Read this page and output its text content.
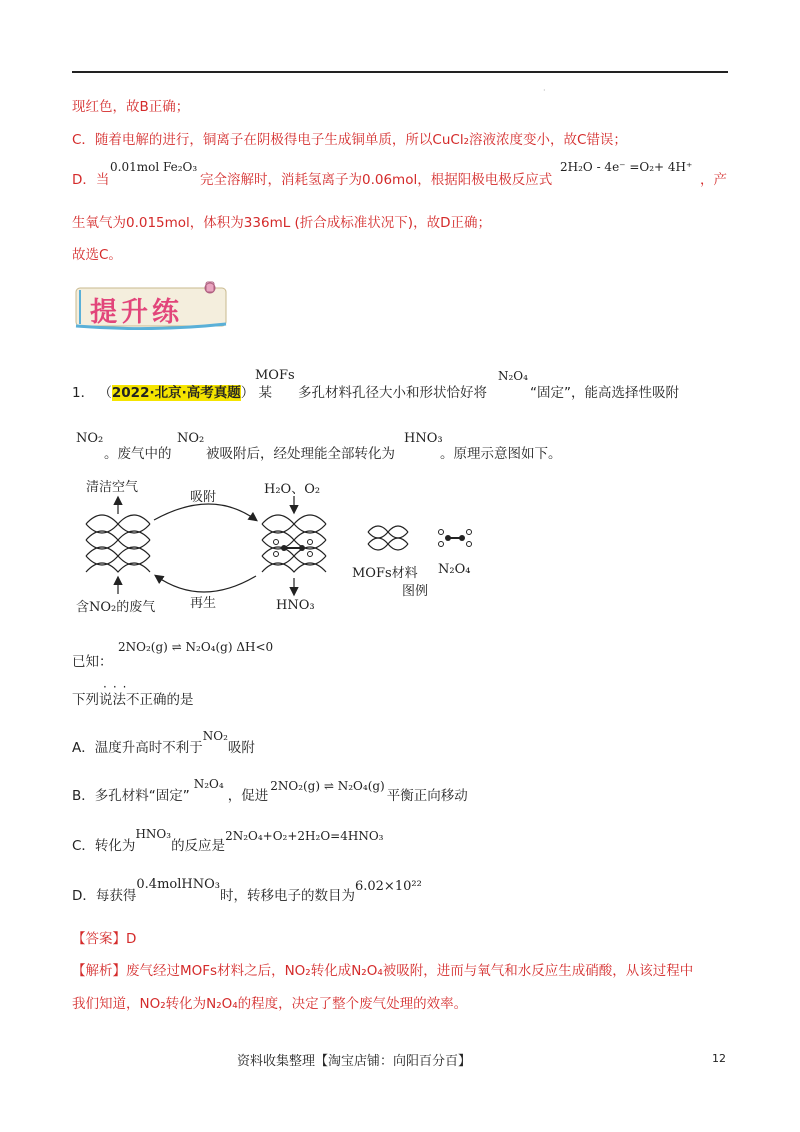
·
现红色，故B正确；
C．随着电解的进行，铜离子在阴极得电子生成铜单质，所以CuCl₂溶液浓度变小，故C错误；
D．当
0.01mol Fe₂O₃
完全溶解时，消耗氢离子为0.06mol，根据阳极电极反应式
2H₂O - 4e⁻ =O₂+ 4H⁺
，产
生氧气为0.015mol，体积为336mL (折合成标准状况下)，故D正确；
故选C。
提升练
1． （2022·北京·高考真题） 某
MOFs
多孔材料孔径大小和形状恰好将
N₂O₄
“固定”，能高选择性吸附
NO₂
。废气中的
NO₂
被吸附后，经处理能全部转化为
HNO₃
。原理示意图如下。
清洁空气
吸附
H₂O、O₂
含NO₂的废气	再生	HNO₃
MOFs材料 N₂O₄
图例
已知：
2NO₂(g) ⇌ N₂O₄(g) ΔH<0
···
下列说法不正确的是
A．温度升高时不利于NO₂吸附
B．多孔材料“固定”N₂O₄，促进2NO₂(g) ⇌ N₂O₄(g)平衡正向移动
C．转化为HNO₃的反应是2N₂O₄+O₂+2H₂O=4HNO₃
D．每获得0.4molHNO₃时，转移电子的数目为6.02×10²²
【答案】D
【解析】废气经过MOFs材料之后，NO₂转化成N₂O₄被吸附，进而与氧气和水反应生成硝酸，从该过程中
我们知道，NO₂转化为N₂O₄的程度，决定了整个废气处理的效率。
资料收集整理【淘宝店铺：向阳百分百】	12
